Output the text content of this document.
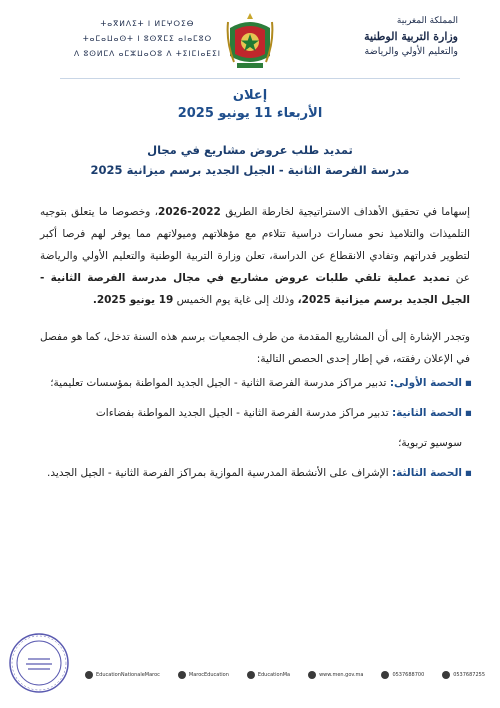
المملكة المغربية
وزارة التربية الوطنية
والتعليم الأولي والرياضة
ⵜⴰⴳⵍⴷⵉⵜ ⵏ ⵍⵎⵖⵔⵉⴱ
ⵜⴰⵎⴰⵡⴰⵙⵜ ⵏ ⵓⵙⴳⵎⵉ ⴰⵏⴰⵎⵓⵔ
ⴷ ⵓⵙⵍⵎⴷ ⴰⵎⵣⵡⴰⵔⵓ ⴷ ⵜⵉⵏⵎⵏⴰⴹⵉⵏ
إعلان
الأربعاء 11 يونيو 2025
تمديد طلب عروض مشاريع في مجال
مدرسة الفرصة الثانية - الجيل الجديد برسم ميزانية 2025
إسهاما في تحقيق الأهداف الاستراتيجية لخارطة الطريق 2022-2026، وخصوصا ما يتعلق بتوجيه التلميذات والتلاميذ نحو مسارات دراسية تتلاءم مع مؤهلاتهم وميولاتهم مما يوفر لهم فرصا أكبر لتطوير قدراتهم وتفادي الانقطاع عن الدراسة، تعلن وزارة التربية الوطنية والتعليم الأولي والرياضة عن تمديد عملية تلقي طلبات عروض مشاريع في مجال مدرسة الفرصة الثانية - الجيل الجديد برسم ميزانية 2025، وذلك إلى غاية يوم الخميس 19 يونيو 2025.
وتجدر الإشارة إلى أن المشاريع المقدمة من طرف الجمعيات برسم هذه السنة تدخل، كما هو مفصل في الإعلان رفقته، في إطار إحدى الحصص التالية:
▪
الحصة الأولى: تدبير مراكز مدرسة الفرصة الثانية - الجيل الجديد المواطنة بمؤسسات تعليمية؛
▪
الحصة الثانية: تدبير مراكز مدرسة الفرصة الثانية - الجيل الجديد المواطنة بفضاءات
سوسيو تربوية؛
▪
الحصة الثالثة: الإشراف على الأنشطة المدرسية الموازية بمراكز الفرصة الثانية - الجيل الجديد.
EducationNationaleMaroc	MarocEducation	EducationMa	www.men.gov.ma	0537688700	0537687255
